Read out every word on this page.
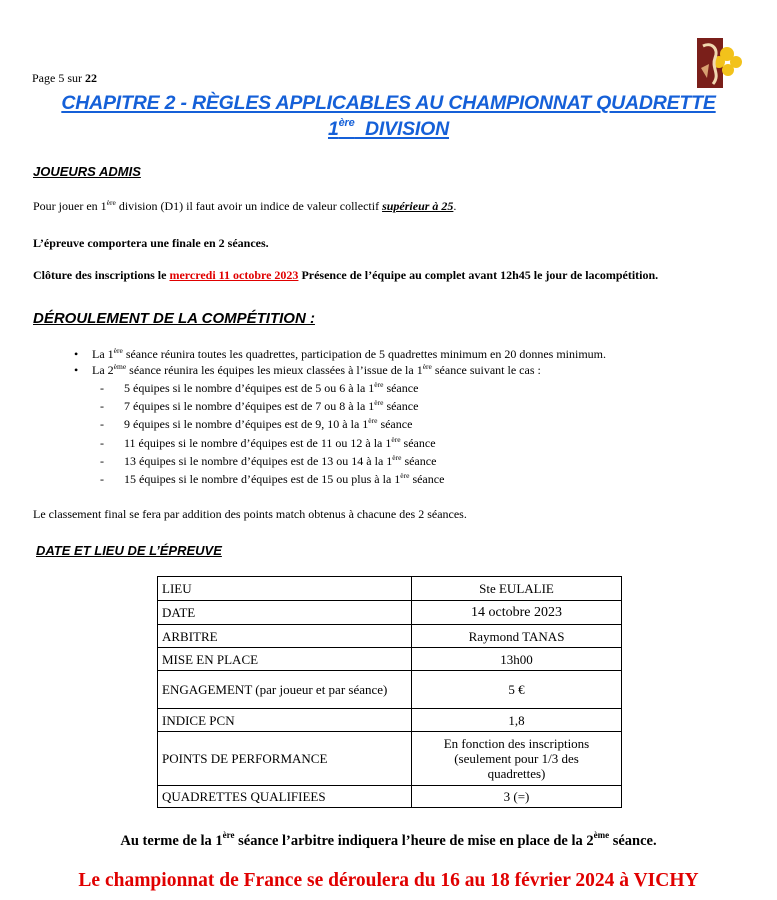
Page 5 sur 22
CHAPITRE 2 - RÈGLES APPLICABLES AU CHAMPIONNAT QUADRETTE
1ère  DIVISION
JOUEURS ADMIS
Pour jouer en 1ère division (D1) il faut avoir un indice de valeur collectif supérieur à 25.
L’épreuve comportera une finale en 2 séances.
Clôture des inscriptions le mercredi 11 octobre 2023 Présence de l’équipe au complet avant 12h45 le jour de lacompétition.
DÉROULEMENT DE LA COMPÉTITION :
• La 1ère séance réunira toutes les quadrettes, participation de 5 quadrettes minimum en 20 donnes minimum.
• La 2ème séance réunira les équipes les mieux classées à l’issue de la 1ère séance suivant le cas :
- 5 équipes si le nombre d’équipes est de 5 ou 6 à la 1ère séance
- 7 équipes si le nombre d’équipes est de 7 ou 8 à la 1ère séance
- 9 équipes si le nombre d’équipes est de 9, 10 à la 1ère séance
- 11 équipes si le nombre d’équipes est de 11 ou 12 à la 1ère séance
- 13 équipes si le nombre d’équipes est de 13 ou 14 à la 1ère séance
- 15 équipes si le nombre d’équipes est de 15 ou plus à la 1ère séance
Le classement final se fera par addition des points match obtenus à chacune des 2 séances.
DATE ET LIEU DE L’ÉPREUVE
LIEU	Ste EULALIE
DATE	14 octobre 2023
ARBITRE	Raymond TANAS
MISE EN PLACE	13h00
ENGAGEMENT (par joueur et par séance)	5 €
INDICE PCN	1,8
POINTS DE PERFORMANCE	En fonction des inscriptions (seulement pour 1/3 des quadrettes)
QUADRETTES QUALIFIEES	3 (=)
Au terme de la 1ère séance l’arbitre indiquera l’heure de mise en place de la 2ème séance.
Le championnat de France se déroulera du 16 au 18 février 2024 à VICHY
